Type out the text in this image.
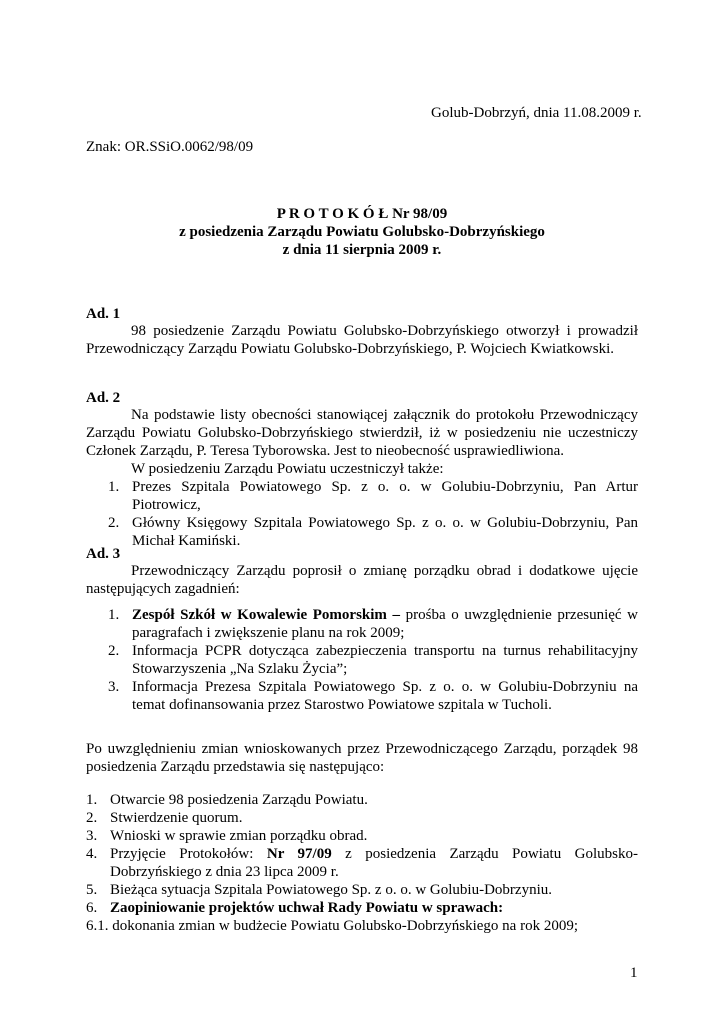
Golub-Dobrzyń, dnia 11.08.2009 r.
Znak: OR.SSiO.0062/98/09
P R O T O K Ó Ł Nr 98/09
z posiedzenia Zarządu Powiatu Golubsko-Dobrzyńskiego
z dnia 11 sierpnia 2009 r.
Ad. 1
98 posiedzenie Zarządu Powiatu Golubsko-Dobrzyńskiego otworzył i prowadził Przewodniczący Zarządu Powiatu Golubsko-Dobrzyńskiego, P. Wojciech Kwiatkowski.
Ad. 2
Na podstawie listy obecności stanowiącej załącznik do protokołu Przewodniczący Zarządu Powiatu Golubsko-Dobrzyńskiego stwierdził, iż w posiedzeniu nie uczestniczy Członek Zarządu, P. Teresa Tyborowska. Jest to nieobecność usprawiedliwiona.
W posiedzeniu Zarządu Powiatu uczestniczył także:
1. Prezes Szpitala Powiatowego Sp. z o. o. w Golubiu-Dobrzyniu, Pan Artur Piotrowicz,
2. Główny Księgowy Szpitala Powiatowego Sp. z o. o. w Golubiu-Dobrzyniu, Pan Michał Kamiński.
Ad. 3
Przewodniczący Zarządu poprosił o zmianę porządku obrad i dodatkowe ujęcie następujących zagadnień:
1. Zespół Szkół w Kowalewie Pomorskim – prośba o uwzględnienie przesunięć w paragrafach i zwiększenie planu na rok 2009;
2. Informacja PCPR dotycząca zabezpieczenia transportu na turnus rehabilitacyjny Stowarzyszenia „Na Szlaku Życia”;
3. Informacja Prezesa Szpitala Powiatowego Sp. z o. o. w Golubiu-Dobrzyniu na temat dofinansowania przez Starostwo Powiatowe szpitala w Tucholi.
Po uwzględnieniu zmian wnioskowanych przez Przewodniczącego Zarządu, porządek 98 posiedzenia Zarządu przedstawia się następująco:
1. Otwarcie 98 posiedzenia Zarządu Powiatu.
2. Stwierdzenie quorum.
3. Wnioski w sprawie zmian porządku obrad.
4. Przyjęcie Protokołów: Nr 97/09 z posiedzenia Zarządu Powiatu Golubsko-Dobrzyńskiego z dnia 23 lipca 2009 r.
5. Bieżąca sytuacja Szpitala Powiatowego Sp. z o. o. w Golubiu-Dobrzyniu.
6. Zaopiniowanie projektów uchwał Rady Powiatu w sprawach:
6.1. dokonania zmian w budżecie Powiatu Golubsko-Dobrzyńskiego na rok 2009;
1
